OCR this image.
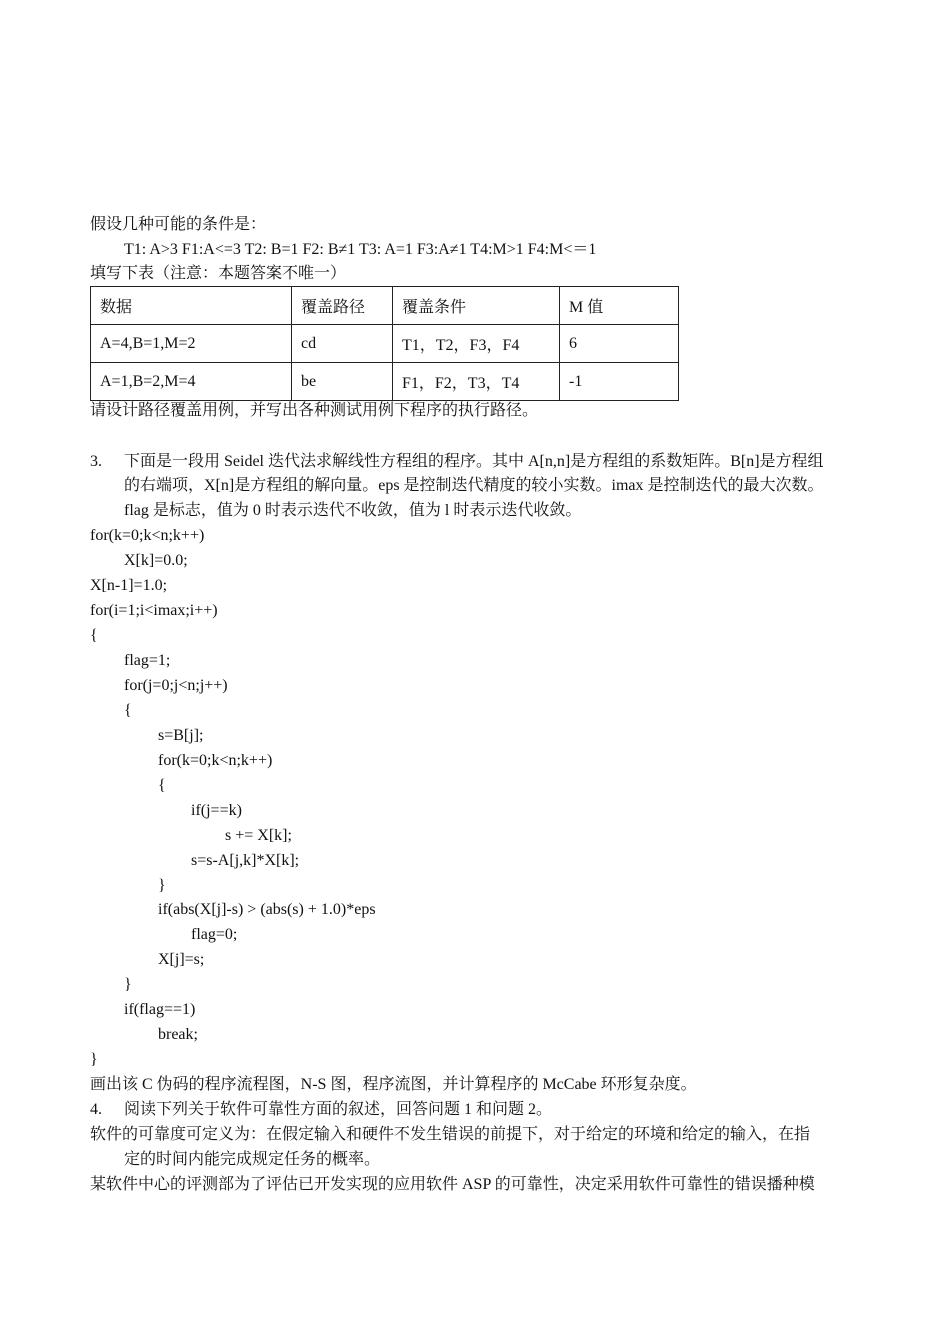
假设几种可能的条件是：
T1: A>3 F1:A<=3 T2: B=1 F2: B≠1 T3: A=1 F3:A≠1 T4:M>1 F4:M<＝1
填写下表（注意：本题答案不唯一）
数据	覆盖路径	覆盖条件	M 值
A=4,B=1,M=2	cd	T1，T2，F3，F4	6
A=1,B=2,M=4	be	F1，F2，T3，T4	-1
请设计路径覆盖用例，并写出各种测试用例下程序的执行路径。
3. 下面是一段用 Seidel 迭代法求解线性方程组的程序。其中 A[n,n]是方程组的系数矩阵。B[n]是方程组
的右端项，X[n]是方程组的解向量。eps 是控制迭代精度的较小实数。imax 是控制迭代的最大次数。
flag 是标志，值为 0 时表示迭代不收敛，值为 l 时表示迭代收敛。
for(k=0;k<n;k++)
X[k]=0.0;
X[n-1]=1.0;
for(i=1;i<imax;i++)
{
flag=1;
for(j=0;j<n;j++)
{
s=B[j];
for(k=0;k<n;k++)
{
if(j==k)
s += X[k];
s=s-A[j,k]*X[k];
}
if(abs(X[j]-s) > (abs(s) + 1.0)*eps
flag=0;
X[j]=s;
}
if(flag==1)
break;
}
画出该 C 伪码的程序流程图，N-S 图，程序流图，并计算程序的 McCabe 环形复杂度。
4. 阅读下列关于软件可靠性方面的叙述，回答问题 1 和问题 2。
软件的可靠度可定义为：在假定输入和硬件不发生错误的前提下，对于给定的环境和给定的输入，在指
定的时间内能完成规定任务的概率。
某软件中心的评测部为了评估已开发实现的应用软件 ASP 的可靠性，决定采用软件可靠性的错误播种模
